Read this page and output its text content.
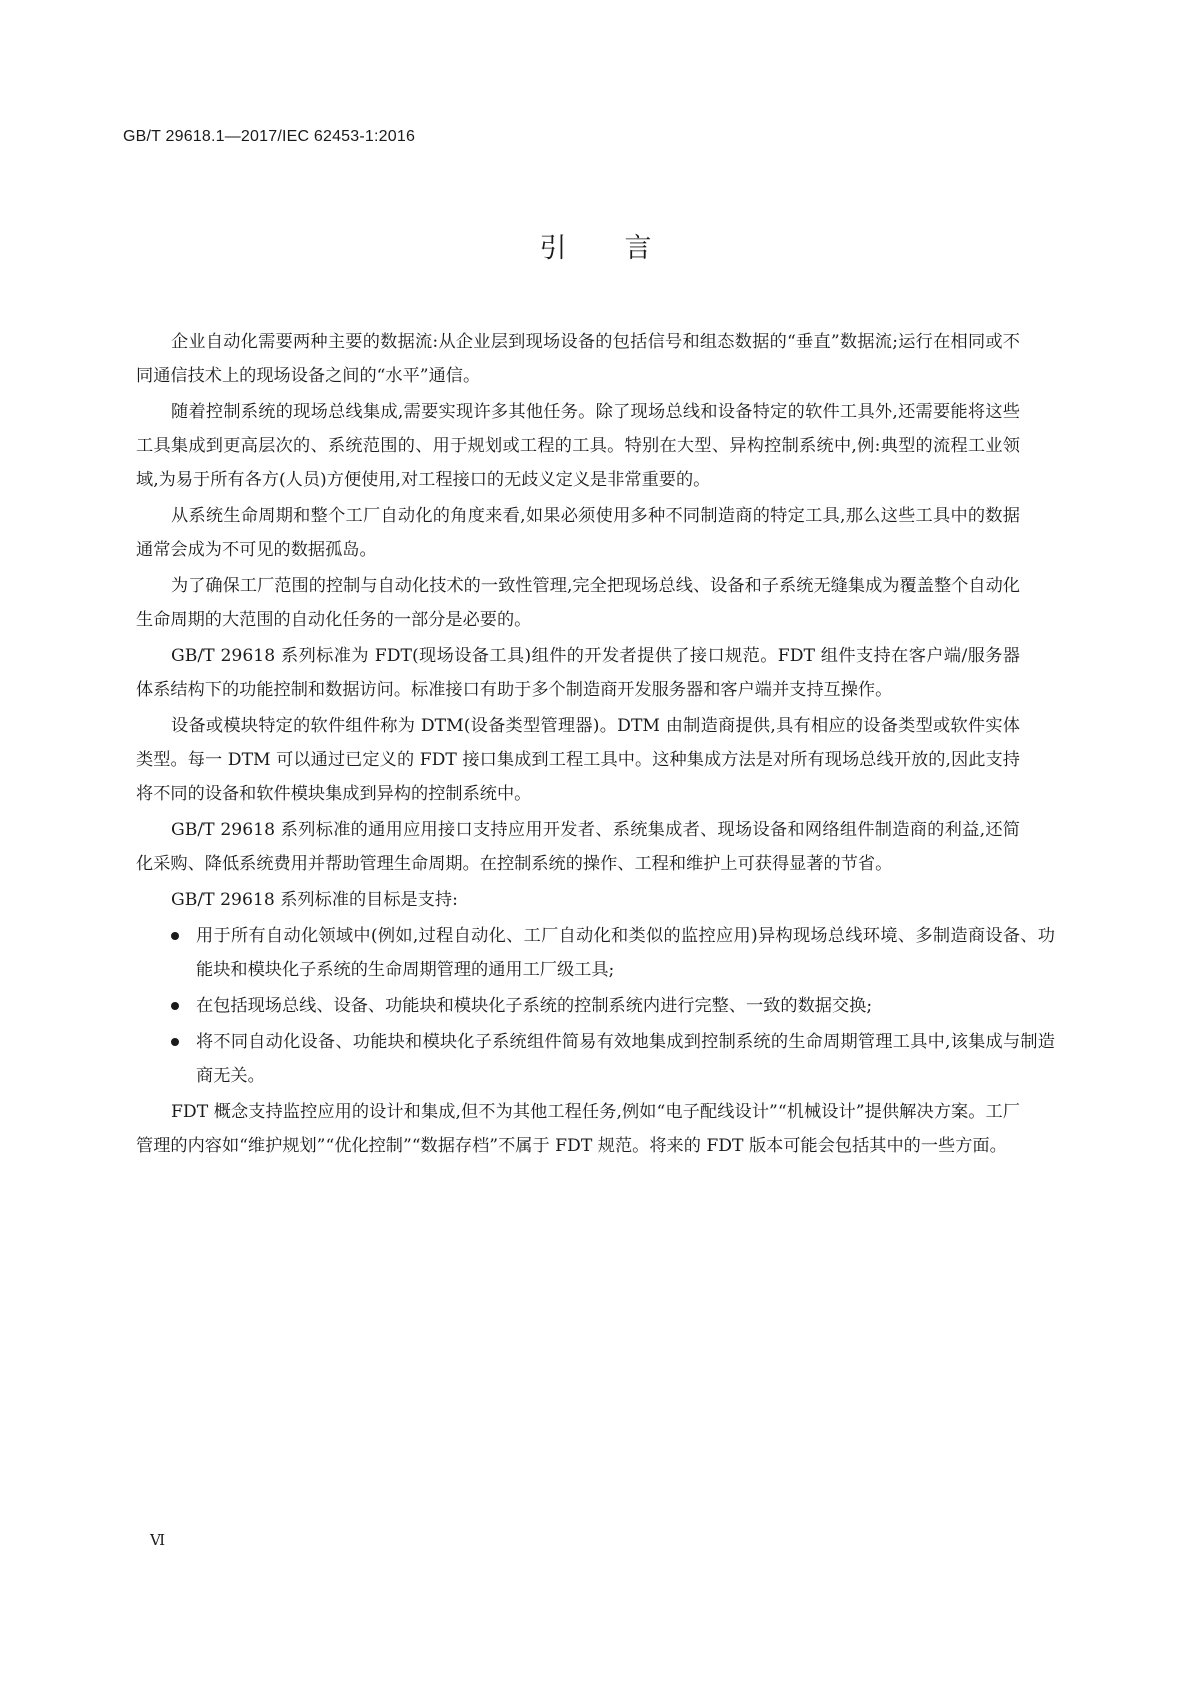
GB/T 29618.1—2017/IEC 62453-1:2016
引言

企业自动化需要两种主要的数据流:从企业层到现场设备的包括信号和组态数据的“垂直”数据流;运行在相同或不同通信技术上的现场设备之间的“水平”通信。

随着控制系统的现场总线集成,需要实现许多其他任务。除了现场总线和设备特定的软件工具外,还需要能将这些工具集成到更高层次的、系统范围的、用于规划或工程的工具。特别在大型、异构控制系统中,例:典型的流程工业领域,为易于所有各方(人员)方便使用,对工程接口的无歧义定义是非常重要的。

从系统生命周期和整个工厂自动化的角度来看,如果必须使用多种不同制造商的特定工具,那么这些工具中的数据通常会成为不可见的数据孤岛。

为了确保工厂范围的控制与自动化技术的一致性管理,完全把现场总线、设备和子系统无缝集成为覆盖整个自动化生命周期的大范围的自动化任务的一部分是必要的。

GB/T 29618 系列标准为 FDT(现场设备工具)组件的开发者提供了接口规范。FDT 组件支持在客户端/服务器体系结构下的功能控制和数据访问。标准接口有助于多个制造商开发服务器和客户端并支持互操作。

设备或模块特定的软件组件称为 DTM(设备类型管理器)。DTM 由制造商提供,具有相应的设备类型或软件实体类型。每一 DTM 可以通过已定义的 FDT 接口集成到工程工具中。这种集成方法是对所有现场总线开放的,因此支持将不同的设备和软件模块集成到异构的控制系统中。

GB/T 29618 系列标准的通用应用接口支持应用开发者、系统集成者、现场设备和网络组件制造商的利益,还简化采购、降低系统费用并帮助管理生命周期。在控制系统的操作、工程和维护上可获得显著的节省。

GB/T 29618 系列标准的目标是支持:

用于所有自动化领域中(例如,过程自动化、工厂自动化和类似的监控应用)异构现场总线环境、多制造商设备、功能块和模块化子系统的生命周期管理的通用工厂级工具;
在包括现场总线、设备、功能块和模块化子系统的控制系统内进行完整、一致的数据交换;
将不同自动化设备、功能块和模块化子系统组件简易有效地集成到控制系统的生命周期管理工具中,该集成与制造商无关。

FDT 概念支持监控应用的设计和集成,但不为其他工程任务,例如“电子配线设计”“机械设计”提供解决方案。工厂管理的内容如“维护规划”“优化控制”“数据存档”不属于 FDT 规范。将来的 FDT 版本可能会包括其中的一些方面。

Ⅵ
